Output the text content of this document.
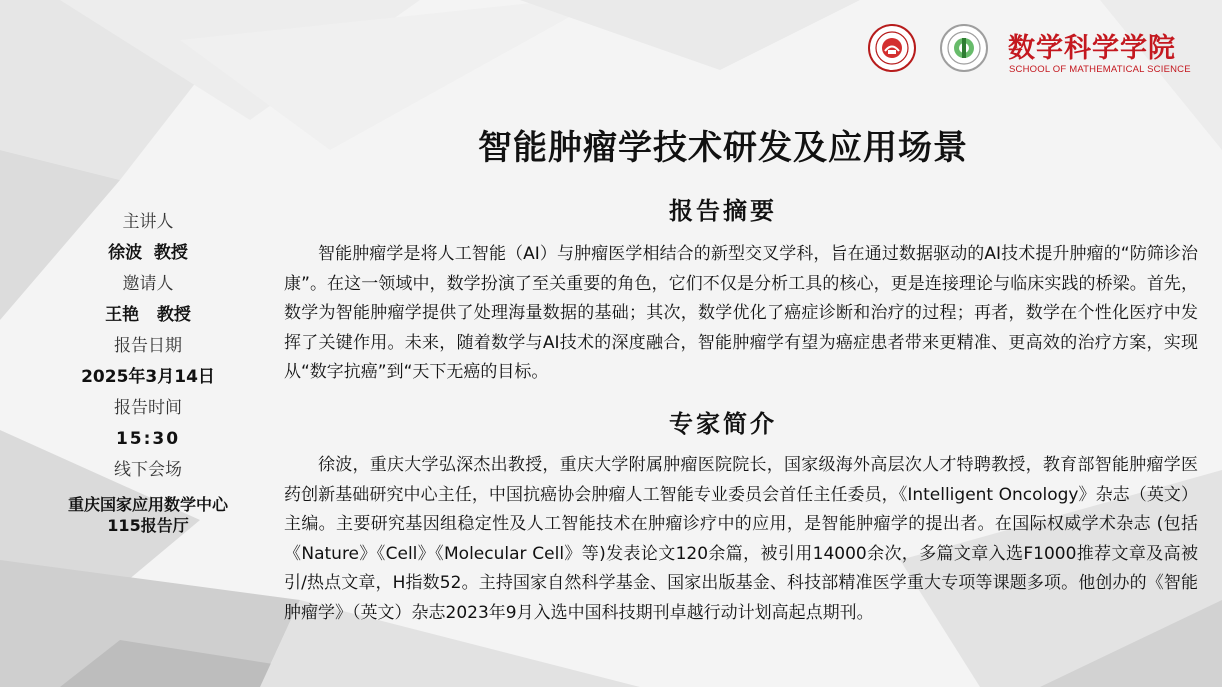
数学科学学院
SCHOOL OF MATHEMATICAL SCIENCE
智能肿瘤学技术研发及应用场景
主讲人
徐波  教授
邀请人
王艳   教授
报告日期
2025年3月14日
报告时间
15:30
线下会场
重庆国家应用数学中心
115报告厅
报告摘要

智能肿瘤学是将人工智能（AI）与肿瘤医学相结合的新型交叉学科，旨在通过数据驱动的AI技术提升肿瘤的“防筛诊治康”。在这一领域中，数学扮演了至关重要的角色，它们不仅是分析工具的核心，更是连接理论与临床实践的桥梁。首先，数学为智能肿瘤学提供了处理海量数据的基础；其次，数学优化了癌症诊断和治疗的过程；再者，数学在个性化医疗中发挥了关键作用。未来，随着数学与AI技术的深度融合，智能肿瘤学有望为癌症患者带来更精准、更高效的治疗方案，实现从“数字抗癌”到“天下无癌的目标。

专家简介

徐波，重庆大学弘深杰出教授，重庆大学附属肿瘤医院院长，国家级海外高层次人才特聘教授，教育部智能肿瘤学医药创新基础研究中心主任，中国抗癌协会肿瘤人工智能专业委员会首任主任委员，《Intelligent Oncology》杂志（英文）主编。主要研究基因组稳定性及人工智能技术在肿瘤诊疗中的应用，是智能肿瘤学的提出者。在国际权威学术杂志 (包括《Nature》《Cell》《Molecular Cell》等)发表论文120余篇，被引用14000余次，多篇文章入选F1000推荐文章及高被引/热点文章，H指数52。主持国家自然科学基金、国家出版基金、科技部精准医学重大专项等课题多项。他创办的《智能肿瘤学》（英文）杂志2023年9月入选中国科技期刊卓越行动计划高起点期刊。
